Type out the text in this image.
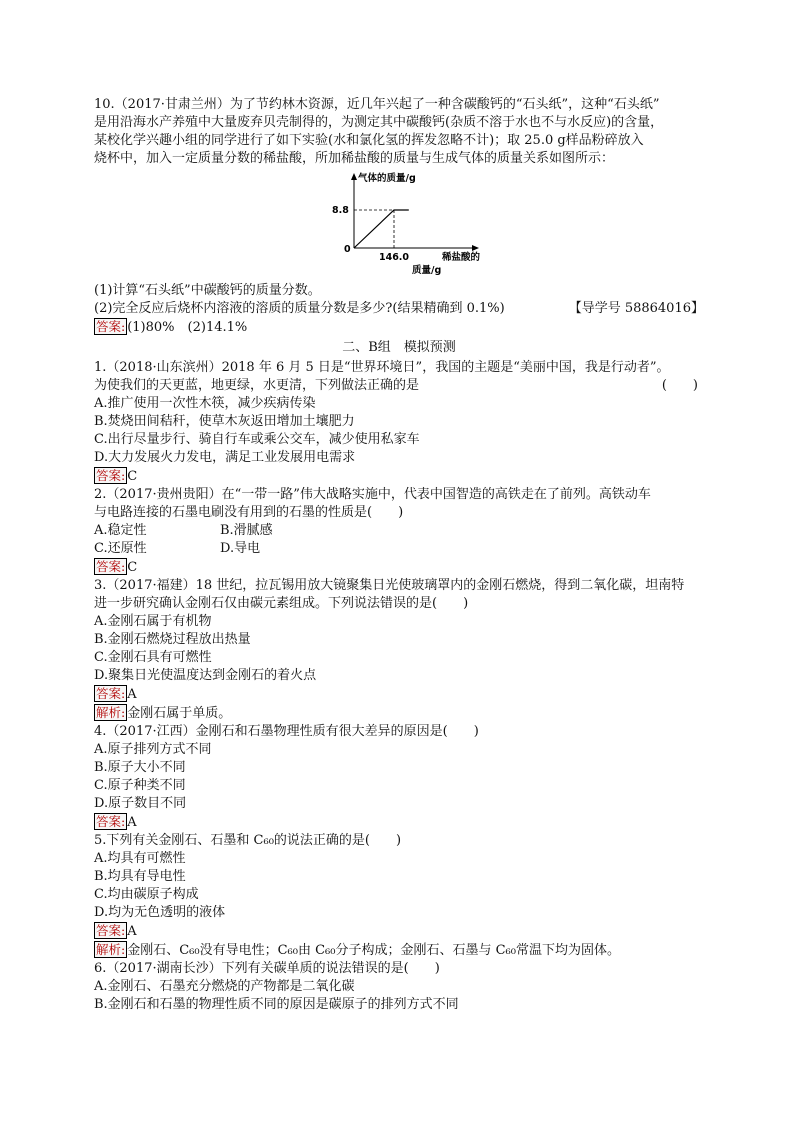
10.（2017·甘肃兰州）为了节约林木资源，近几年兴起了一种含碳酸钙的“石头纸”，这种“石头纸”

是用沿海水产养殖中大量废弃贝壳制得的，为测定其中碳酸钙(杂质不溶于水也不与水反应)的含量，

某校化学兴趣小组的同学进行了如下实验(水和氯化氢的挥发忽略不计)；取 25.0 g样品粉碎放入

烧杯中，加入一定质量分数的稀盐酸，所加稀盐酸的质量与生成气体的质量关系如图所示：

气体的质量/g
8.8
0
146.0	稀盐酸的
质量/g

(1)计算“石头纸”中碳酸钙的质量分数。

(2)完全反应后烧杯内溶液的溶质的质量分数是多少?(结果精确到 0.1%)	【导学号 58864016】

答案: (1)80%　(2)14.1%

二、B组　模拟预测

1.（2018·山东滨州）2018 年 6 月 5 日是“世界环境日”，我国的主题是“美丽中国，我是行动者”。

为使我们的天更蓝，地更绿，水更清，下列做法正确的是	(　　)

A.推广使用一次性木筷，减少疾病传染

B.焚烧田间秸秆，使草木灰返田增加土壤肥力

C.出行尽量步行、骑自行车或乘公交车，减少使用私家车

D.大力发展火力发电，满足工业发展用电需求

答案: C

2.（2017·贵州贵阳）在“一带一路”伟大战略实施中，代表中国智造的高铁走在了前列。高铁动车

与电路连接的石墨电刷没有用到的石墨的性质是(　　)

A.稳定性	B.滑腻感

C.还原性	D.导电

答案: C

3.（2017·福建）18 世纪，拉瓦锡用放大镜聚集日光使玻璃罩内的金刚石燃烧，得到二氧化碳，坦南特

进一步研究确认金刚石仅由碳元素组成。下列说法错误的是(　　)

A.金刚石属于有机物

B.金刚石燃烧过程放出热量

C.金刚石具有可燃性

D.聚集日光使温度达到金刚石的着火点

答案: A

解析: 金刚石属于单质。

4.（2017·江西）金刚石和石墨物理性质有很大差异的原因是(　　)

A.原子排列方式不同

B.原子大小不同

C.原子种类不同

D.原子数目不同

答案: A

5.下列有关金刚石、石墨和 C₆₀的说法正确的是(　　)

A.均具有可燃性

B.均具有导电性

C.均由碳原子构成

D.均为无色透明的液体

答案: A

解析: 金刚石、C₆₀没有导电性；C₆₀由 C₆₀分子构成；金刚石、石墨与 C₆₀常温下均为固体。

6.（2017·湖南长沙）下列有关碳单质的说法错误的是(　　)

A.金刚石、石墨充分燃烧的产物都是二氧化碳

B.金刚石和石墨的物理性质不同的原因是碳原子的排列方式不同
